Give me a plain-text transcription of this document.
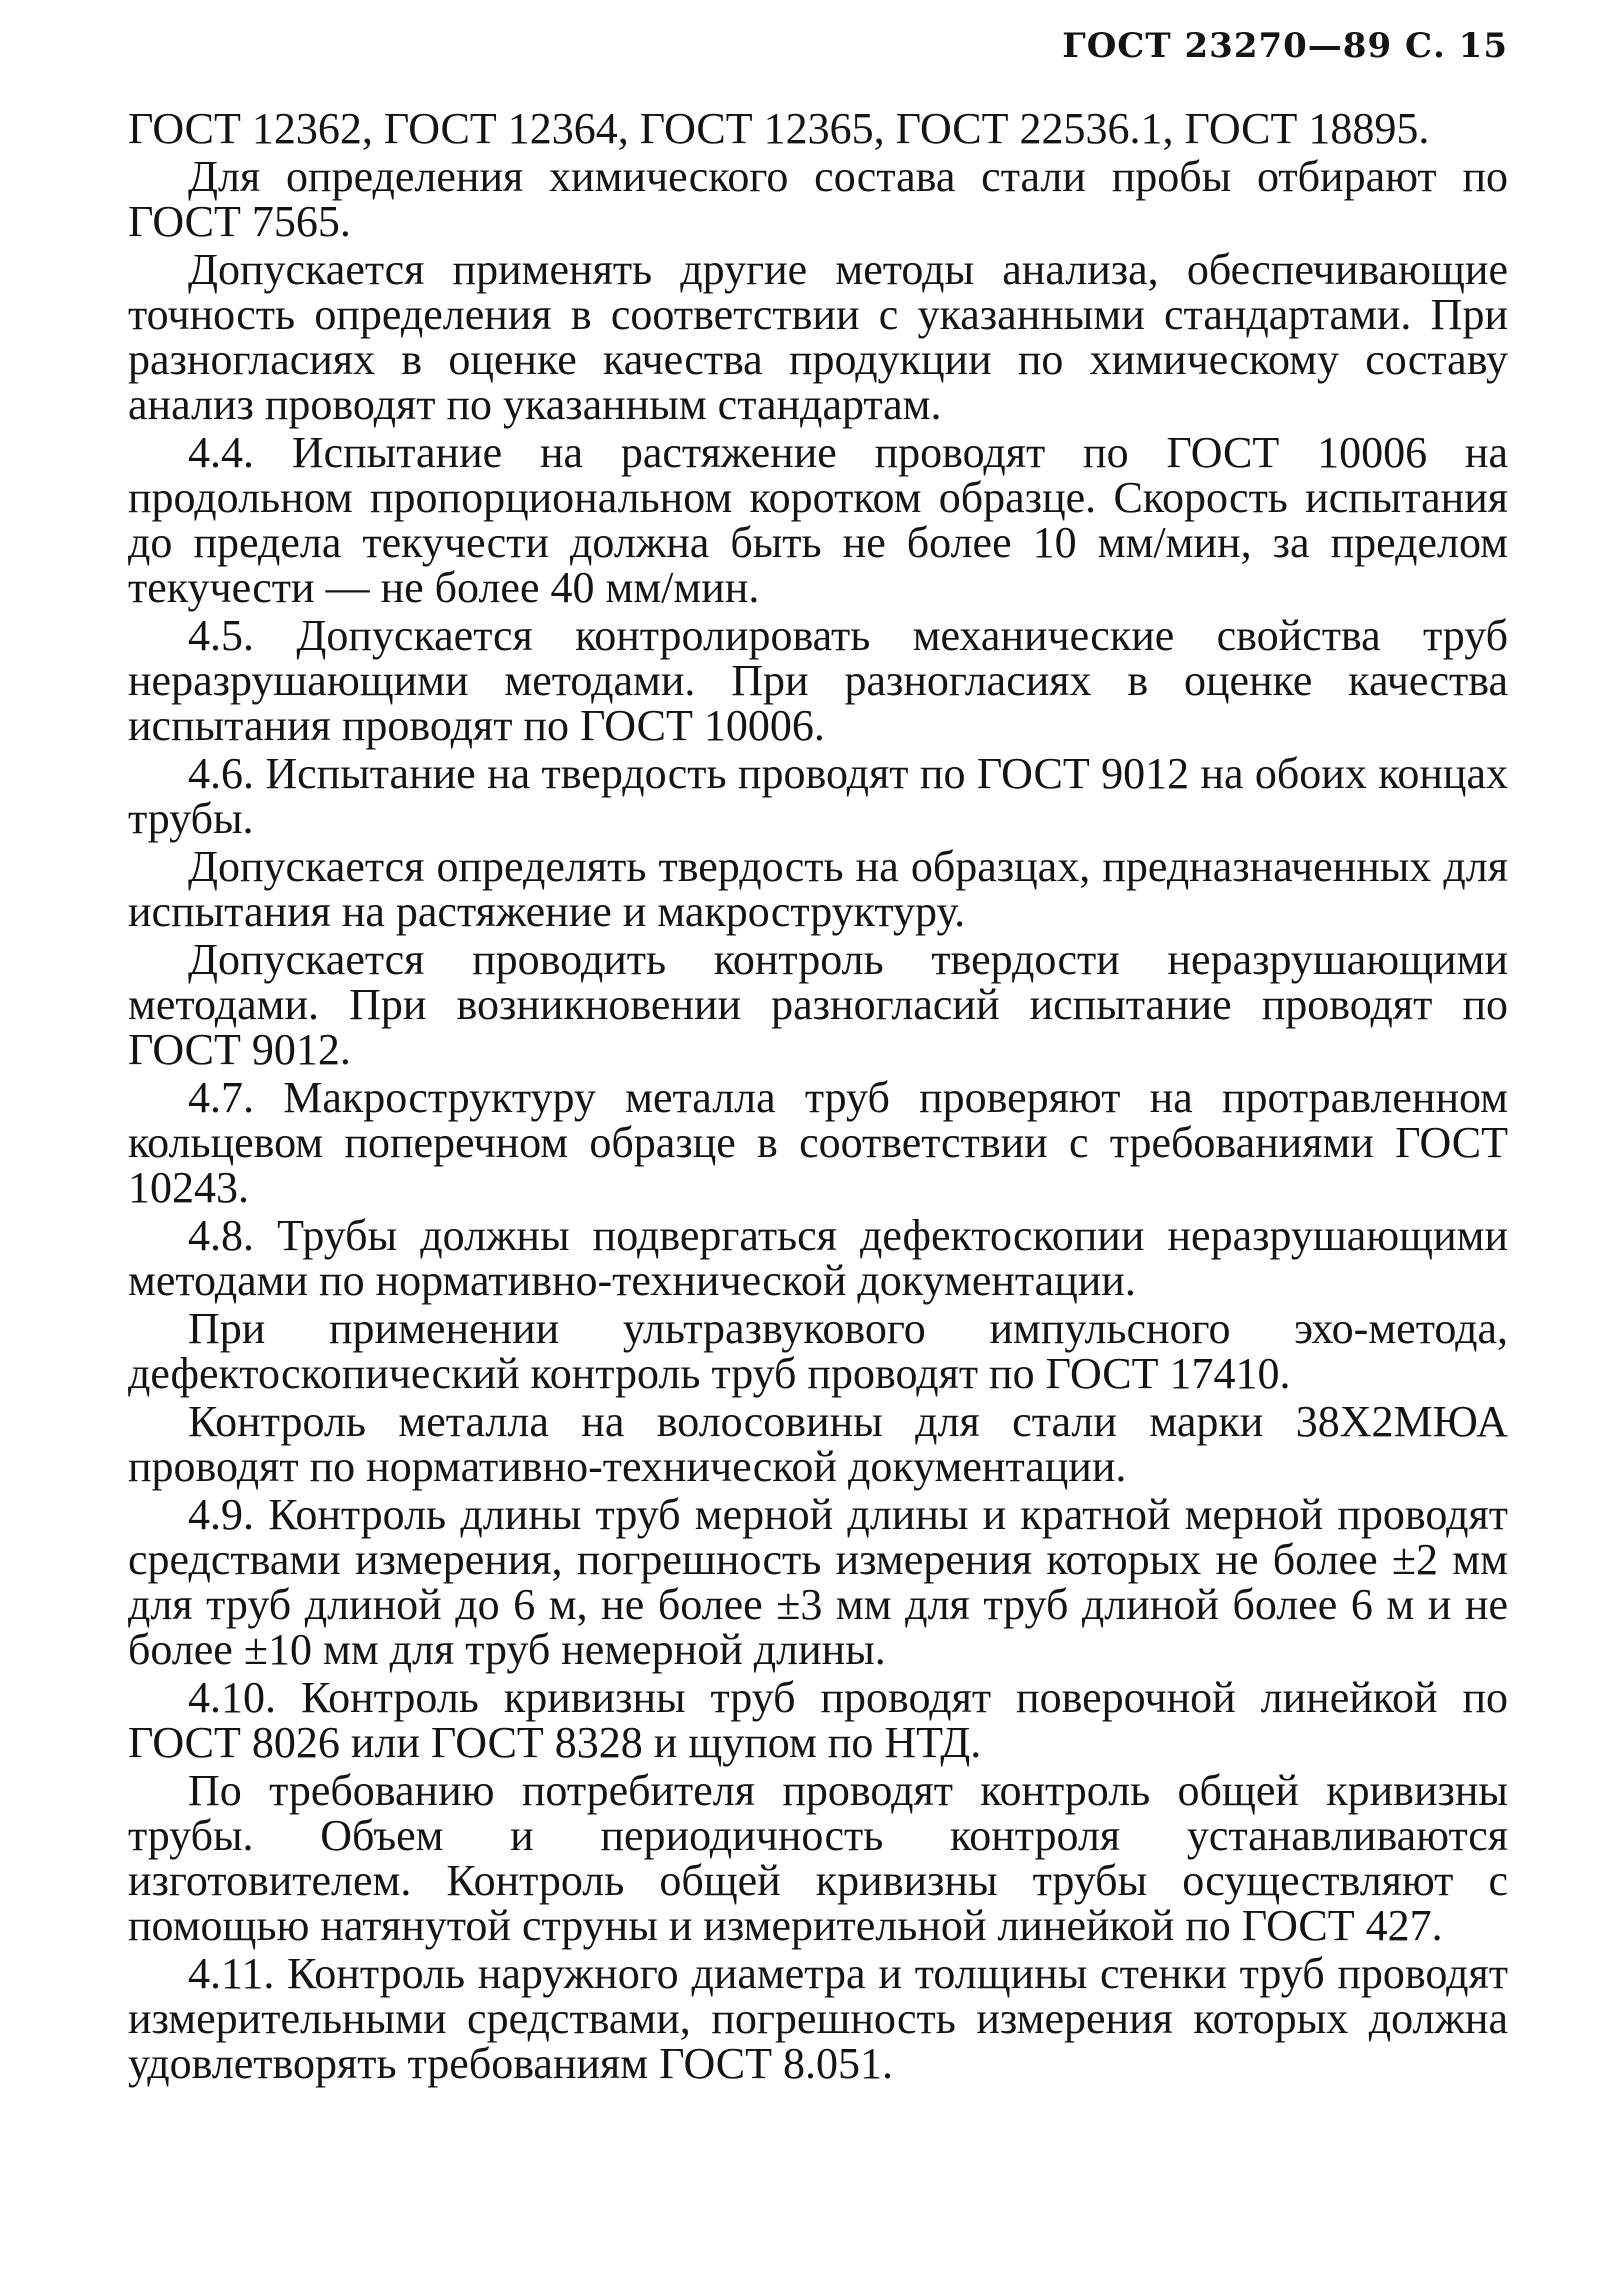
ГОСТ 23270—89 С. 15

ГОСТ 12362, ГОСТ 12364, ГОСТ 12365, ГОСТ 22536.1, ГОСТ 18895.

Для определения химического состава стали пробы отбирают по ГОСТ 7565.

Допускается применять другие методы анализа, обеспечивающие точность определения в соответствии с указанными стандартами. При разногласиях в оценке качества продукции по химическому составу анализ проводят по указанным стандартам.

4.4. Испытание на растяжение проводят по ГОСТ 10006 на продольном пропорциональном коротком образце. Скорость испытания до предела текучести должна быть не более 10 мм/мин, за пределом текучести — не более 40 мм/мин.

4.5. Допускается контролировать механические свойства труб неразрушающими методами. При разногласиях в оценке качества испытания проводят по ГОСТ 10006.

4.6. Испытание на твердость проводят по ГОСТ 9012 на обоих концах трубы.

Допускается определять твердость на образцах, предназначенных для испытания на растяжение и макроструктуру.

Допускается проводить контроль твердости неразрушающими методами. При возникновении разногласий испытание проводят по ГОСТ 9012.

4.7. Макроструктуру металла труб проверяют на протравленном кольцевом поперечном образце в соответствии с требованиями ГОСТ 10243.

4.8. Трубы должны подвергаться дефектоскопии неразрушающими методами по нормативно-технической документации.

При применении ультразвукового импульсного эхо-метода, дефектоскопический контроль труб проводят по ГОСТ 17410.

Контроль металла на волосовины для стали марки 38Х2МЮА проводят по нормативно-технической документации.

4.9. Контроль длины труб мерной длины и кратной мерной проводят средствами измерения, погрешность измерения которых не более ±2 мм для труб длиной до 6 м, не более ±3 мм для труб длиной более 6 м и не более ±10 мм для труб немерной длины.

4.10. Контроль кривизны труб проводят поверочной линейкой по ГОСТ 8026 или ГОСТ 8328 и щупом по НТД.

По требованию потребителя проводят контроль общей кривизны трубы. Объем и периодичность контроля устанавливаются изготовителем. Контроль общей кривизны трубы осуществляют с помощью натянутой струны и измерительной линейкой по ГОСТ 427.

4.11. Контроль наружного диаметра и толщины стенки труб проводят измерительными средствами, погрешность измерения которых должна удовлетворять требованиям ГОСТ 8.051.
